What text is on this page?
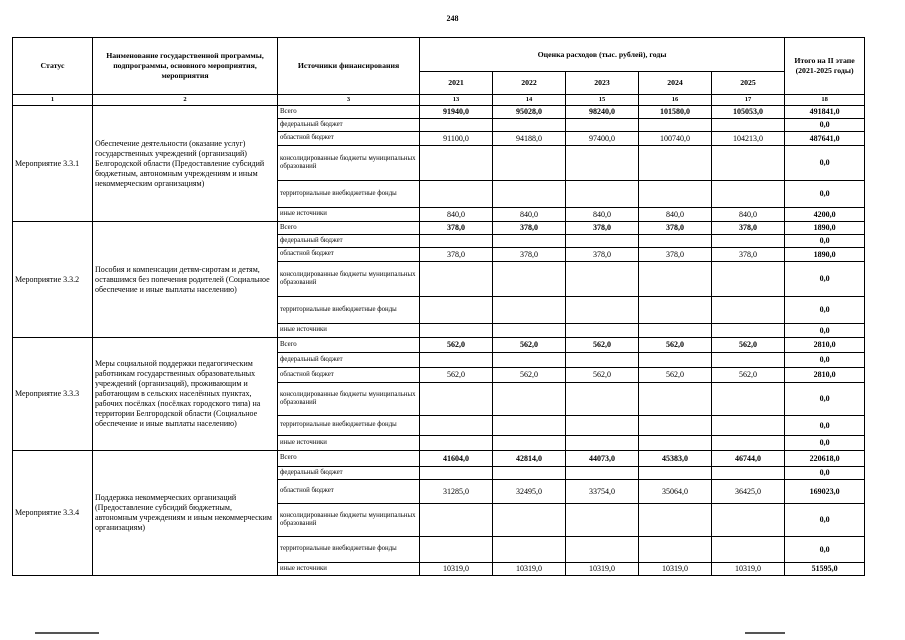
248
Статус	Наименование государственной программы, подпрограммы, основного мероприятия, мероприятия	Источники финансирования	Оценка расходов (тыс. рублей), годы					Итого на II этапе (2021-2025 годы)
			2021	2022	2023	2024	2025	
1	2	3	13	14	15	16	17	18
Мероприятие 3.3.1	Обеспечение деятельности (оказание услуг) государственных учреждений (организаций) Белгородской области (Предоставление субсидий бюджетным, автономным учреждениям и иным некоммерческим организациям)	Всего	91940,0	95028,0	98240,0	101580,0	105053,0	491841,0
		федеральный бюджет						0,0
		областной бюджет	91100,0	94188,0	97400,0	100740,0	104213,0	487641,0
		консолидированные бюджеты муниципальных образований						0,0
		территориальные внебюджетные фонды						0,0
		иные источники	840,0	840,0	840,0	840,0	840,0	4200,0
Мероприятие 3.3.2	Пособия и компенсации детям-сиротам и детям, оставшимся без попечения родителей (Социальное обеспечение и иные выплаты населению)	Всего	378,0	378,0	378,0	378,0	378,0	1890,0
		федеральный бюджет						0,0
		областной бюджет	378,0	378,0	378,0	378,0	378,0	1890,0
		консолидированные бюджеты муниципальных образований						0,0
		территориальные внебюджетные фонды						0,0
		иные источники						0,0
Мероприятие 3.3.3	Меры социальной поддержки педагогическим работникам государственных образовательных учреждений (организаций), проживающим и работающим в сельских населённых пунктах, рабочих посёлках (посёлках городского типа) на территории Белгородской области (Социальное обеспечение и иные выплаты населению)	Всего	562,0	562,0	562,0	562,0	562,0	2810,0
		федеральный бюджет						0,0
		областной бюджет	562,0	562,0	562,0	562,0	562,0	2810,0
		консолидированные бюджеты муниципальных образований						0,0
		территориальные внебюджетные фонды						0,0
		иные источники						0,0
Мероприятие 3.3.4	Поддержка некоммерческих организаций (Предоставление субсидий бюджетным, автономным учреждениям и иным некоммерческим организациям)	Всего	41604,0	42814,0	44073,0	45383,0	46744,0	220618,0
		федеральный бюджет						0,0
		областной бюджет	31285,0	32495,0	33754,0	35064,0	36425,0	169023,0
		консолидированные бюджеты муниципальных образований						0,0
		территориальные внебюджетные фонды						0,0
		иные источники	10319,0	10319,0	10319,0	10319,0	10319,0	51595,0
